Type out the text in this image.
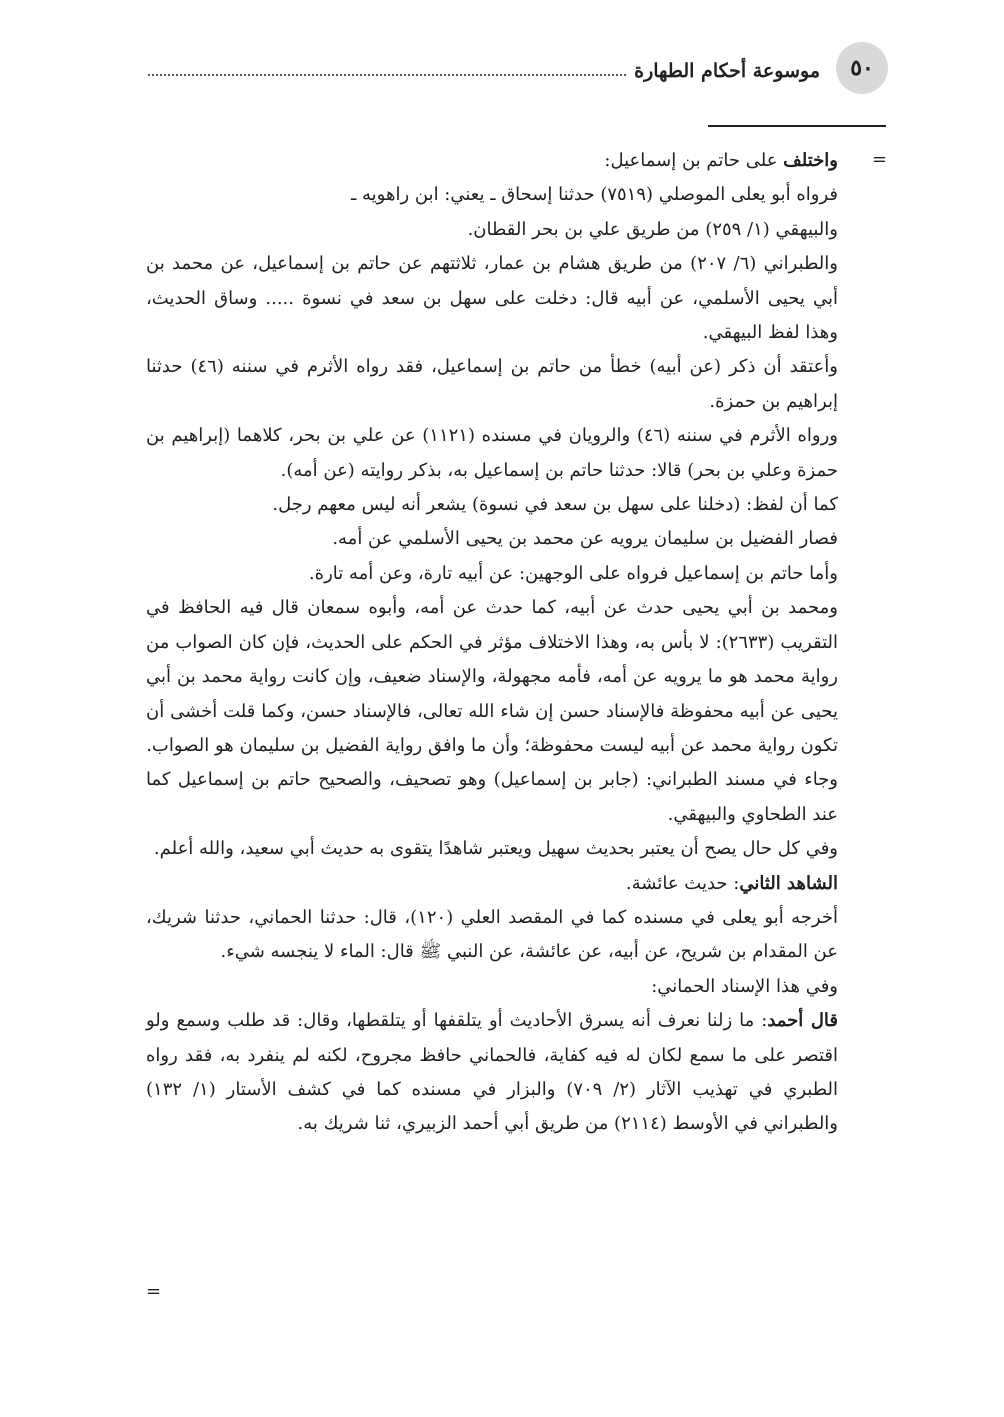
٥٠
موسوعة أحكام الطهارة
=

واختلف على حاتم بن إسماعيل:

فرواه أبو يعلى الموصلي (٧٥١٩) حدثنا إسحاق ـ يعني: ابن راهويه ـ

والبيهقي (١/ ٢٥٩) من طريق علي بن بحر القطان.

والطبراني (٦/ ٢٠٧) من طريق هشام بن عمار، ثلاثتهم عن حاتم بن إسماعيل، عن محمد بن أبي يحيى الأسلمي، عن أبيه قال: دخلت على سهل بن سعد في نسوة ..... وساق الحديث، وهذا لفظ البيهقي.

وأعتقد أن ذكر (عن أبيه) خطأ من حاتم بن إسماعيل، فقد رواه الأثرم في سننه (٤٦) حدثنا إبراهيم بن حمزة.

ورواه الأثرم في سننه (٤٦) والرويان في مسنده (١١٢١) عن علي بن بحر، كلاهما (إبراهيم بن حمزة وعلي بن بحر) قالا: حدثنا حاتم بن إسماعيل به، بذكر روايته (عن أمه).

كما أن لفظ: (دخلنا على سهل بن سعد في نسوة) يشعر أنه ليس معهم رجل.

فصار الفضيل بن سليمان يرويه عن محمد بن يحيى الأسلمي عن أمه.

وأما حاتم بن إسماعيل فرواه على الوجهين: عن أبيه تارة، وعن أمه تارة.

ومحمد بن أبي يحيى حدث عن أبيه، كما حدث عن أمه، وأبوه سمعان قال فيه الحافظ في التقريب (٢٦٣٣): لا بأس به، وهذا الاختلاف مؤثر في الحكم على الحديث، فإن كان الصواب من رواية محمد هو ما يرويه عن أمه، فأمه مجهولة، والإسناد ضعيف، وإن كانت رواية محمد بن أبي يحيى عن أبيه محفوظة فالإسناد حسن إن شاء الله تعالى، فالإسناد حسن، وكما قلت أخشى أن تكون رواية محمد عن أبيه ليست محفوظة؛ وأن ما وافق رواية الفضيل بن سليمان هو الصواب.

وجاء في مسند الطبراني: (جابر بن إسماعيل) وهو تصحيف، والصحيح حاتم بن إسماعيل كما عند الطحاوي والبيهقي.

وفي كل حال يصح أن يعتبر بحديث سهيل ويعتبر شاهدًا يتقوى به حديث أبي سعيد، والله أعلم.

الشاهد الثاني: حديث عائشة.

أخرجه أبو يعلى في مسنده كما في المقصد العلي (١٢٠)، قال: حدثنا الحماني، حدثنا شريك، عن المقدام بن شريح، عن أبيه، عن عائشة، عن النبي ﷺ قال: الماء لا ينجسه شيء.

وفي هذا الإسناد الحماني:

قال أحمد: ما زلنا نعرف أنه يسرق الأحاديث أو يتلقفها أو يتلقطها، وقال: قد طلب وسمع ولو اقتصر على ما سمع لكان له فيه كفاية، فالحماني حافظ مجروح، لكنه لم ينفرد به، فقد رواه الطبري في تهذيب الآثار (٢/ ٧٠٩) والبزار في مسنده كما في كشف الأستار (١/ ١٣٢) والطبراني في الأوسط (٢١١٤) من طريق أبي أحمد الزبيري، ثنا شريك به.

=
